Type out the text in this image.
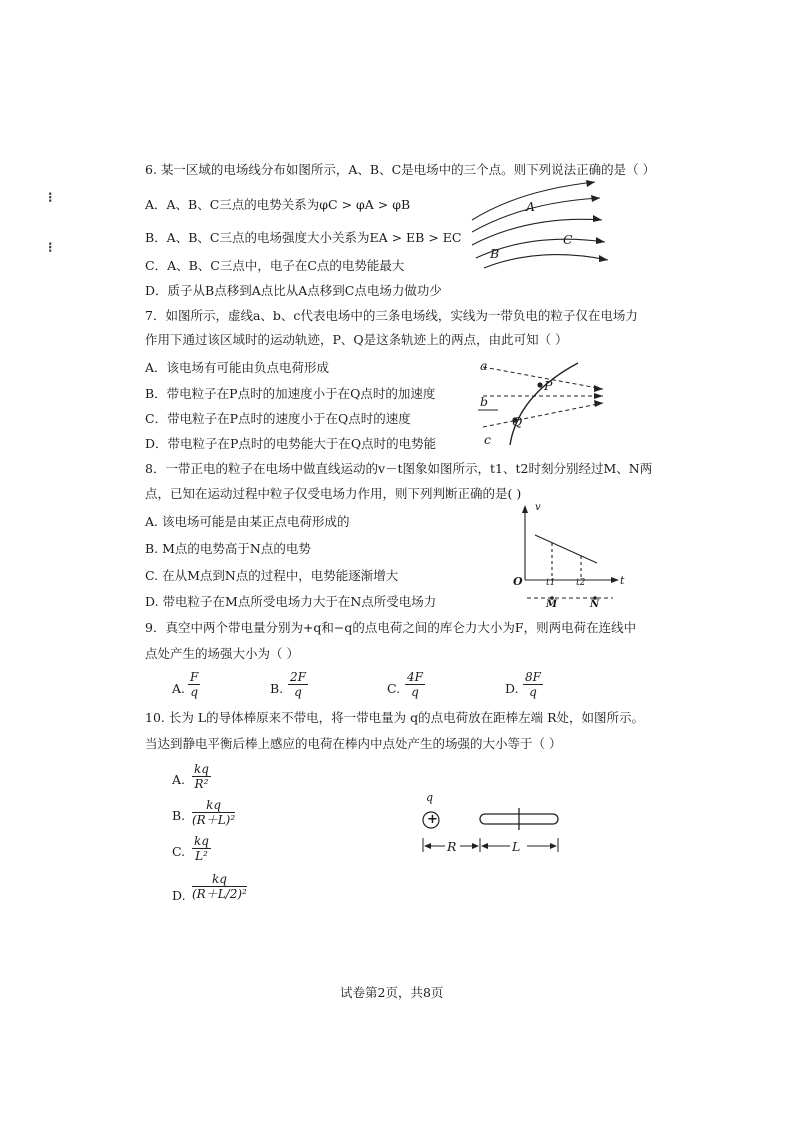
⁝
⁝
6. 某一区域的电场线分布如图所示，A、B、C是电场中的三个点。则下列说法正确的是（ ）
A．A、B、C三点的电势关系为φC > φA > φB
B．A、B、C三点的电场强度大小关系为EA > EB > EC
C．A、B、C三点中，电子在C点的电势能最大
D．质子从B点移到A点比从A点移到C点电场力做功少
A
C
B
7．如图所示，虚线a、b、c代表电场中的三条电场线，实线为一带负电的粒子仅在电场力
作用下通过该区域时的运动轨迹，P、Q是这条轨迹上的两点，由此可知（ ）
A．该电场有可能由负点电荷形成
B．带电粒子在P点时的加速度小于在Q点时的加速度
C．带电粒子在P点时的速度小于在Q点时的速度
D．带电粒子在P点时的电势能大于在Q点时的电势能
a
b
c
P
Q
8．一带正电的粒子在电场中做直线运动的v－t图象如图所示，t1、t2时刻分别经过M、N两
点，已知在运动过程中粒子仅受电场力作用，则下列判断正确的是( )
A. 该电场可能是由某正点电荷形成的
B. M点的电势高于N点的电势
C. 在从M点到N点的过程中，电势能逐渐增大
D. 带电粒子在M点所受电场力大于在N点所受电场力
v
O	t
t1 t2
M	N
9．真空中两个带电量分别为+q和−q的点电荷之间的库仑力大小为F，则两电荷在连线中
点处产生的场强大小为（ ）
A. $\frac{F}{q}$	B. $\frac{2F}{q}$	C. $\frac{4F}{q}$	D. $\frac{8F}{q}$
10. 长为 L的导体棒原来不带电，将一带电量为 q的点电荷放在距棒左端 R处，如图所示。
当达到静电平衡后棒上感应的电荷在棒内中点处产生的场强的大小等于（ ）
A. $\frac{kq}{\text{R²}}$
B. $\frac{kq}{\text{(R＋L)²}}$
C. $\frac{kq}{\text{L²}}$
D. $\frac{kq}{\text{(R＋L/2)²}}$
q
+
R	L
试卷第2页，共8页
